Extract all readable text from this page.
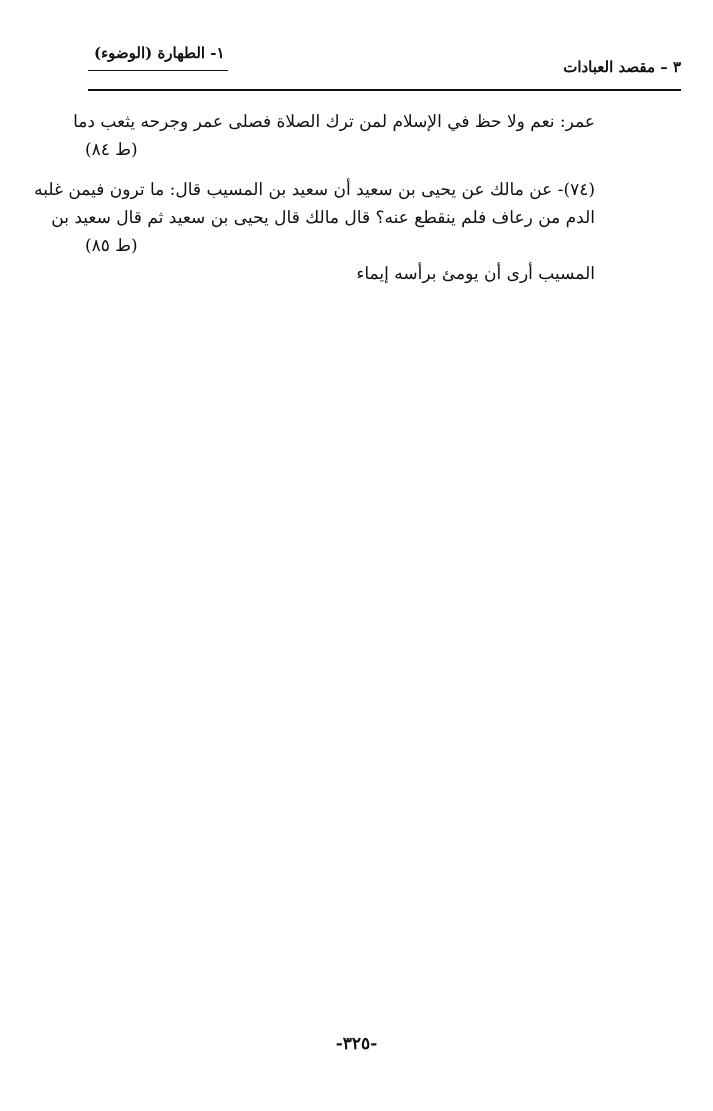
٣ – مقصد العبادات
١- الطهارة (الوضوء)
عمر: نعم ولا حظ في الإسلام لمن ترك الصلاة فصلى عمر وجرحه يثعب دما
(ط ٨٤)
(٧٤)- عن مالك عن يحيى بن سعيد أن سعيد بن المسيب قال: ما ترون فيمن غلبه
الدم من رعاف فلم ينقطع عنه؟ قال مالك قال يحيى بن سعيد ثم قال سعيد بن
(ط ٨٥)
المسيب أرى أن يومئ برأسه إيماء
-٣٢٥-
